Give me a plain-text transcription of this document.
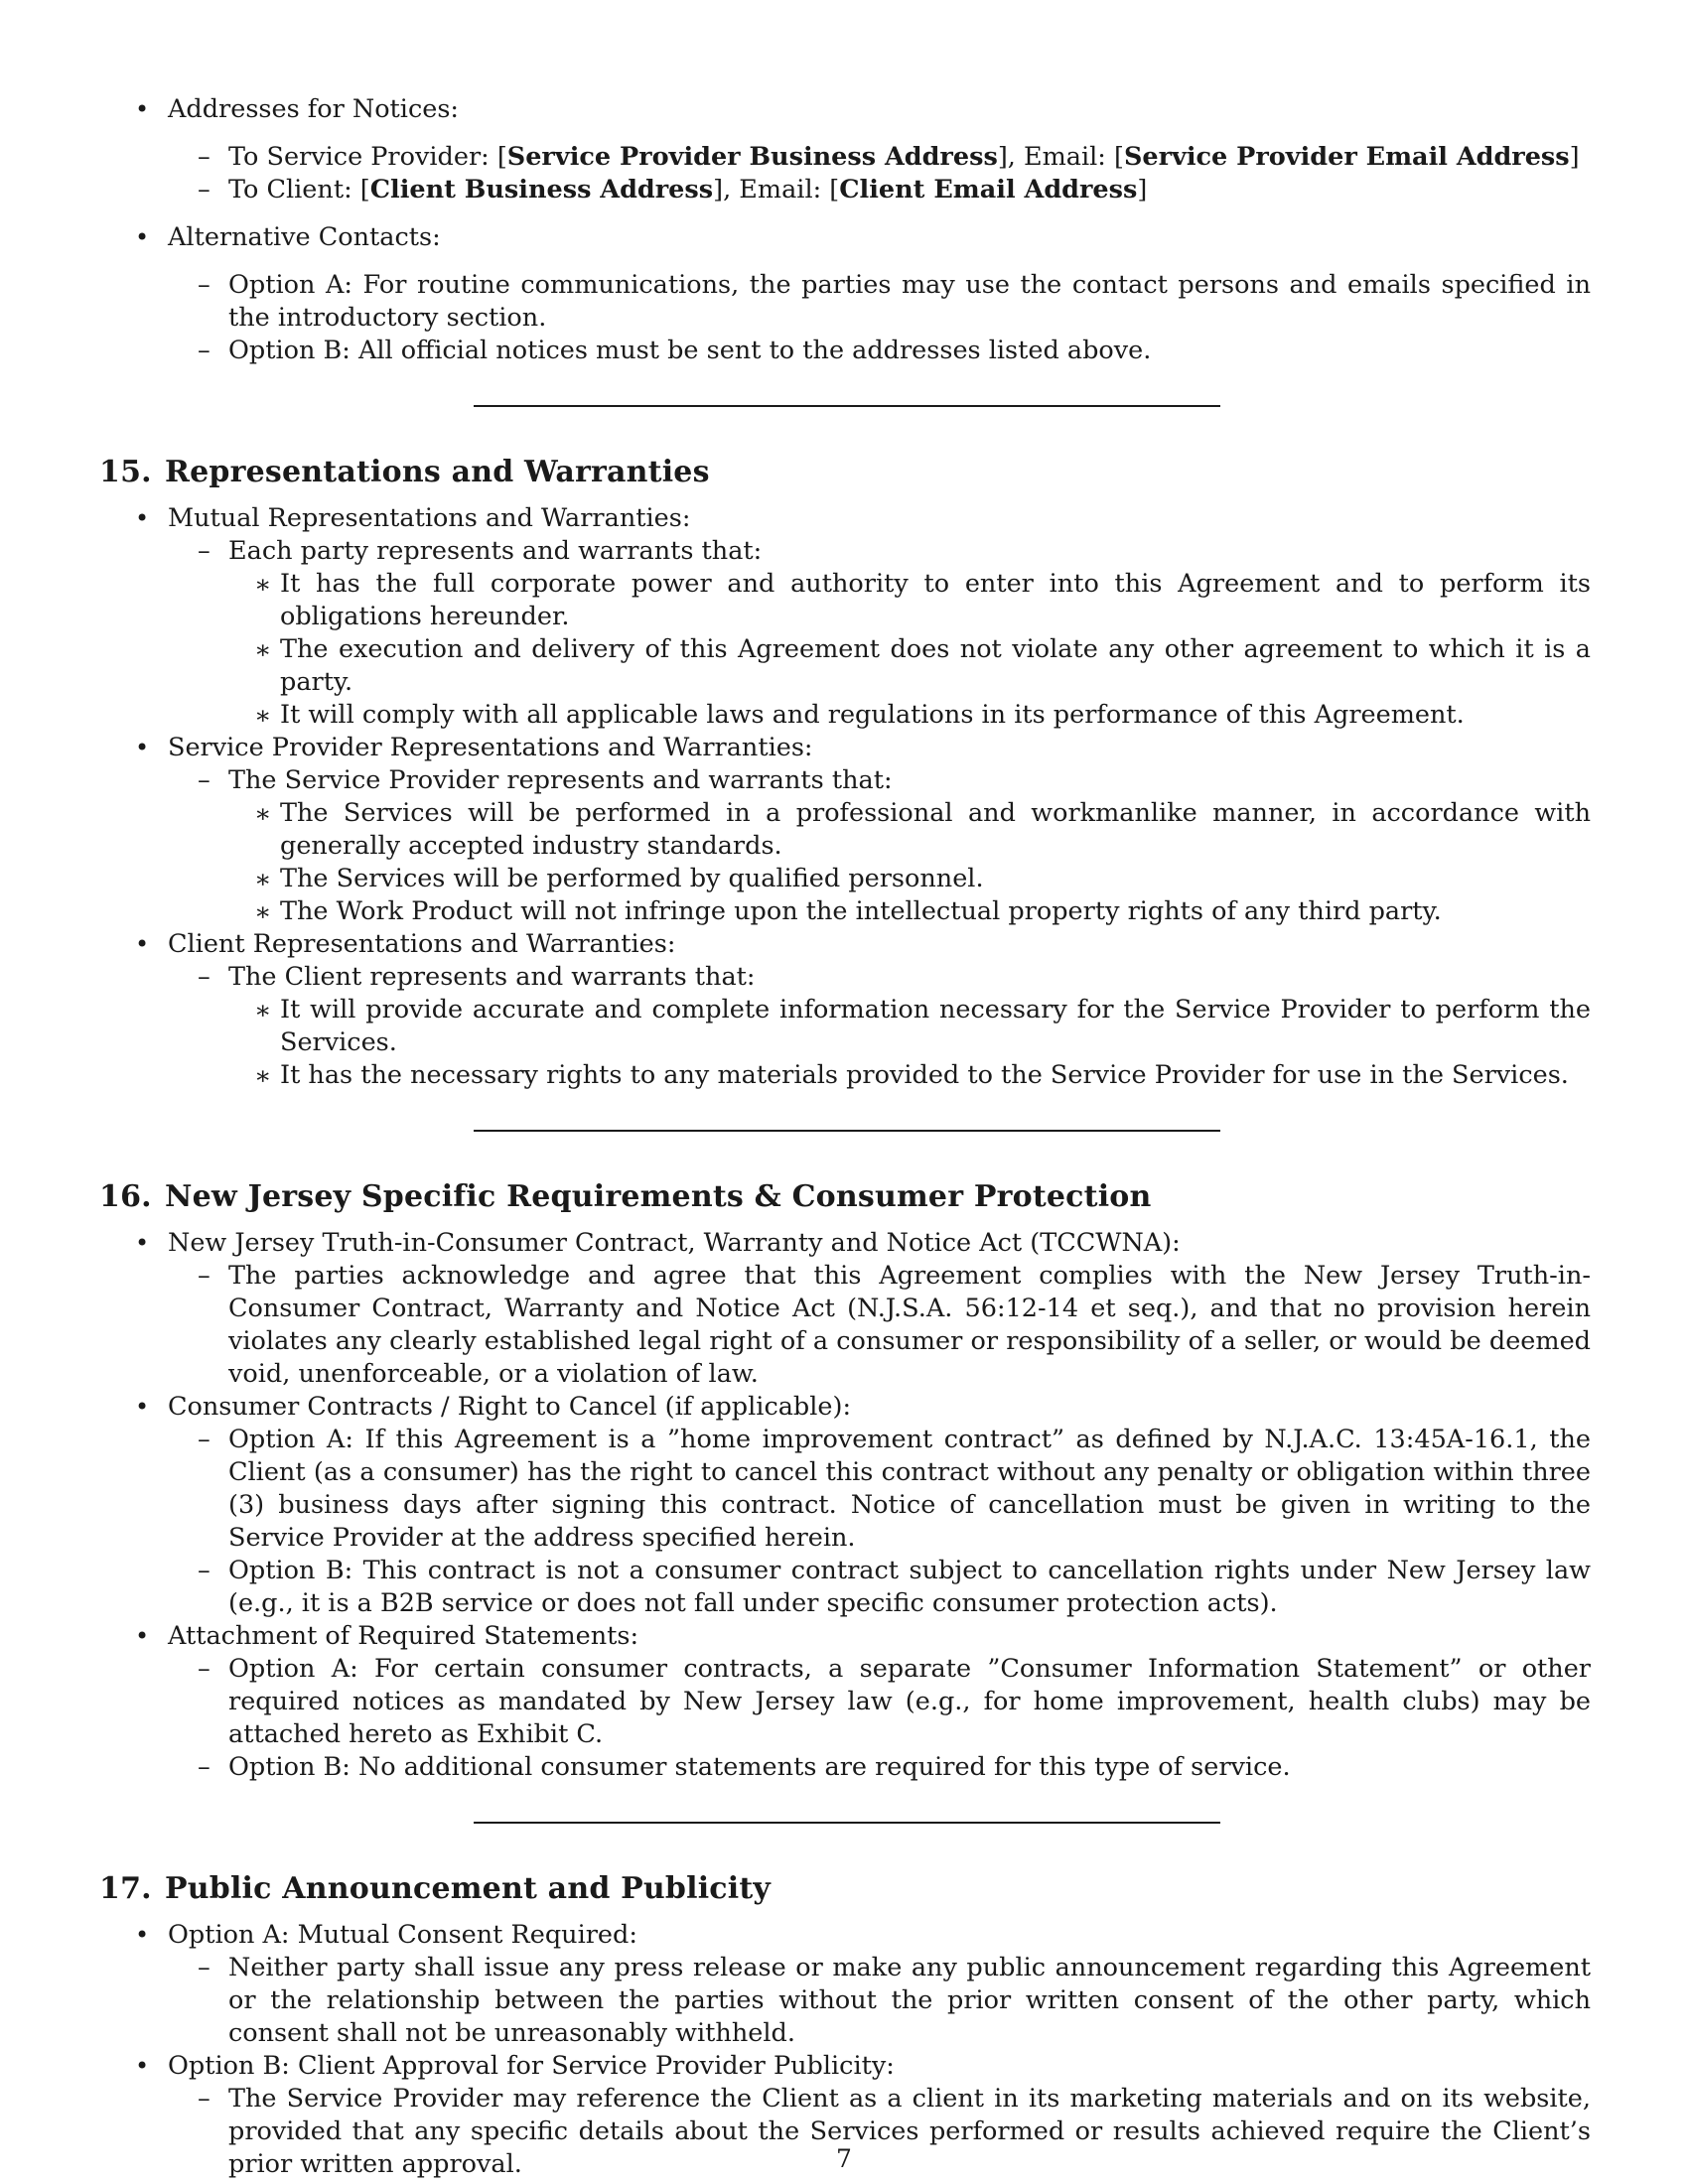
• Addresses for Notices:
– To Service Provider: [Service Provider Business Address], Email: [Service Provider Email Address]
– To Client: [Client Business Address], Email: [Client Email Address]
• Alternative Contacts:
– Option A: For routine communications, the parties may use the contact persons and emails specified in the introductory section.
– Option B: All official notices must be sent to the addresses listed above.
15. Representations and Warranties
• Mutual Representations and Warranties:
– Each party represents and warrants that:
∗ It has the full corporate power and authority to enter into this Agreement and to perform its obligations hereunder.
∗ The execution and delivery of this Agreement does not violate any other agreement to which it is a party.
∗ It will comply with all applicable laws and regulations in its performance of this Agreement.
• Service Provider Representations and Warranties:
– The Service Provider represents and warrants that:
∗ The Services will be performed in a professional and workmanlike manner, in accordance with generally accepted industry standards.
∗ The Services will be performed by qualified personnel.
∗ The Work Product will not infringe upon the intellectual property rights of any third party.
• Client Representations and Warranties:
– The Client represents and warrants that:
∗ It will provide accurate and complete information necessary for the Service Provider to perform the Services.
∗ It has the necessary rights to any materials provided to the Service Provider for use in the Services.
16. New Jersey Specific Requirements & Consumer Protection
• New Jersey Truth-in-Consumer Contract, Warranty and Notice Act (TCCWNA):
– The parties acknowledge and agree that this Agreement complies with the New Jersey Truth-in-Consumer Contract, Warranty and Notice Act (N.J.S.A. 56:12-14 et seq.), and that no provision herein violates any clearly established legal right of a consumer or responsibility of a seller, or would be deemed void, unenforceable, or a violation of law.
• Consumer Contracts / Right to Cancel (if applicable):
– Option A: If this Agreement is a ”home improvement contract” as defined by N.J.A.C. 13:45A-16.1, the Client (as a consumer) has the right to cancel this contract without any penalty or obligation within three (3) business days after signing this contract. Notice of cancellation must be given in writing to the Service Provider at the address specified herein.
– Option B: This contract is not a consumer contract subject to cancellation rights under New Jersey law (e.g., it is a B2B service or does not fall under specific consumer protection acts).
• Attachment of Required Statements:
– Option A: For certain consumer contracts, a separate ”Consumer Information Statement” or other required notices as mandated by New Jersey law (e.g., for home improvement, health clubs) may be attached hereto as Exhibit C.
– Option B: No additional consumer statements are required for this type of service.
17. Public Announcement and Publicity
• Option A: Mutual Consent Required:
– Neither party shall issue any press release or make any public announcement regarding this Agreement or the relationship between the parties without the prior written consent of the other party, which consent shall not be unreasonably withheld.
• Option B: Client Approval for Service Provider Publicity:
– The Service Provider may reference the Client as a client in its marketing materials and on its website, provided that any specific details about the Services performed or results achieved require the Client’s prior written approval.	7
